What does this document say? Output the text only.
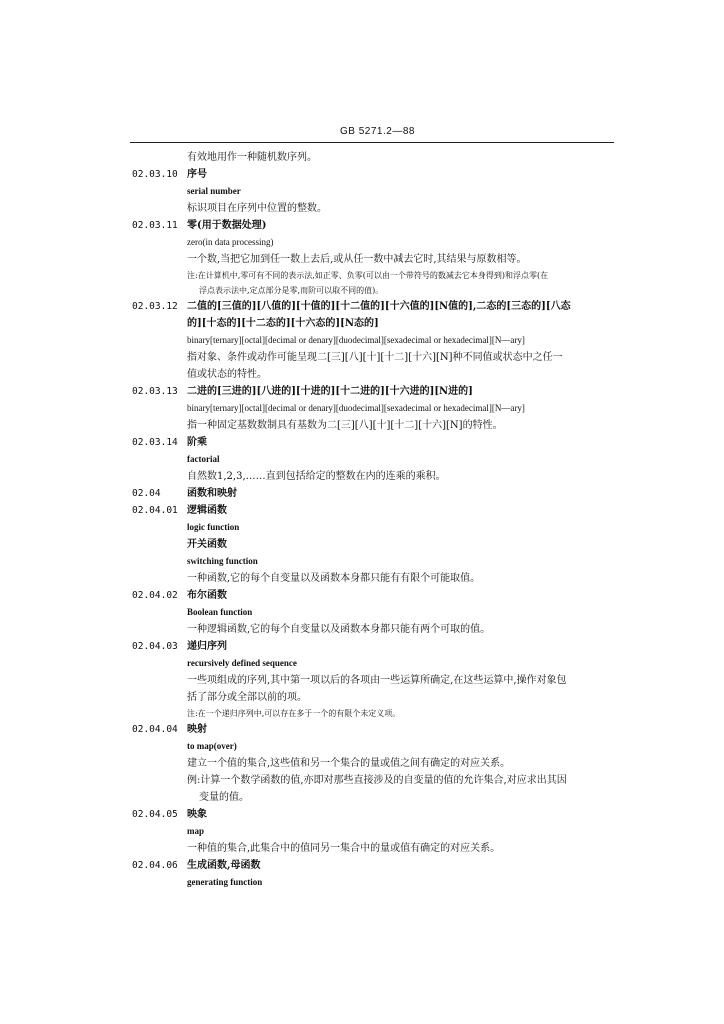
GB 5271.2—88
有效地用作一种随机数序列。
02.03.10 序号
serial number
标识项目在序列中位置的整数。
02.03.11 零(用于数据处理)
zero(in data processing)
一个数,当把它加到任一数上去后,或从任一数中减去它时,其结果与原数相等。
注:在计算机中,零可有不同的表示法,如正零、负零(可以由一个带符号的数减去它本身得到)和浮点零(在
浮点表示法中,定点部分是零,而阶可以取不同的值)。
02.03.12 二值的[三值的][八值的][十值的][十二值的][十六值的][N值的],二态的[三态的][八态
的][十态的][十二态的][十六态的][N态的]
binary[ternary][octal][decimal or denary][duodecimal][sexadecimal or hexadecimal][N—ary]
指对象、条件或动作可能呈现二[三][八][十][十二][十六][N]种不同值或状态中之任一
值或状态的特性。
02.03.13 二进的[三进的][八进的][十进的][十二进的][十六进的][N进的]
binary[ternary][octal][decimal or denary][duodecimal][sexadecimal or hexadecimal][N—ary]
指一种固定基数数制具有基数为二[三][八][十][十二][十六][N]的特性。
02.03.14 阶乘
factorial
自然数1,2,3,……直到包括给定的整数在内的连乘的乘积。
02.04	函数和映射
02.04.01 逻辑函数
logic function
开关函数
switching function
一种函数,它的每个自变量以及函数本身都只能有有限个可能取值。
02.04.02 布尔函数
Boolean function
一种逻辑函数,它的每个自变量以及函数本身都只能有两个可取的值。
02.04.03 递归序列
recursively defined sequence
一些项组成的序列,其中第一项以后的各项由一些运算所确定,在这些运算中,操作对象包
括了部分或全部以前的项。
注:在一个递归序列中,可以存在多于一个的有限个未定义项。
02.04.04 映射
to map(over)
建立一个值的集合,这些值和另一个集合的量或值之间有确定的对应关系。
例:计算一个数学函数的值,亦即对那些直接涉及的自变量的值的允许集合,对应求出其因
变量的值。
02.04.05 映象
map
一种值的集合,此集合中的值同另一集合中的量或值有确定的对应关系。
02.04.06 生成函数,母函数
generating function
